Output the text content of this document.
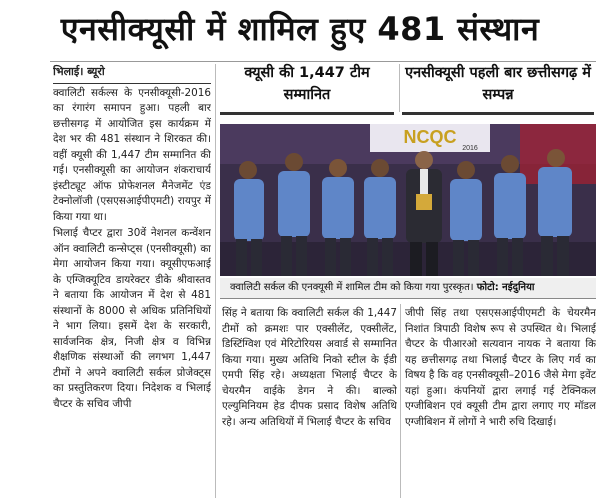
एनसीक्यूसी में शामिल हुए 481 संस्थान
भिलाई। ब्यूरो

क्वालिटी सर्कल्स के एनसीक्यूसी-2016 का रंगारंग समापन हुआ। पहली बार छत्तीसगढ़ में आयोजित इस कार्यक्रम में देश भर की 481 संस्थान ने शिरकत की। वहीं क्यूसी की 1,447 टीम सम्मानित की गई। एनसीक्यूसी का आयोजन शंकराचार्य इंस्टीट्यूट ऑफ प्रोफेशनल मैनेजमेंट एंड टेक्नोलॉजी (एसएसआईपीएमटी) रायपुर में किया गया था।

भिलाई चैप्टर द्वारा 30वें नेशनल कन्वेंशन ऑन क्वालिटी कन्सेप्ट्स (एनसीक्यूसी) का मेगा आयोजन किया गया। क्यूसीएफआई के एग्जिक्यूटिव डायरेक्टर डीके श्रीवास्तव ने बताया कि आयोजन में देश से 481 संस्थानों के 8000 से अधिक प्रतिनिधियों ने भाग लिया। इसमें देश के सरकारी, सार्वजनिक क्षेत्र, निजी क्षेत्र व विभिन्न शैक्षणिक संस्थाओं की लगभग 1,447 टीमों ने अपने क्वालिटी सर्कल प्रोजेक्ट्स का प्रस्तुतिकरण दिया। निदेशक व भिलाई चैप्टर के सचिव जीपी

क्यूसी की 1,447 टीम सम्मानित
एनसीक्यूसी पहली बार छत्तीसगढ़ में सम्पन्न
NCQC
2016
क्वालिटी सर्कल की एनक्यूसी में शामिल टीम को किया गया पुरस्कृत। फोटो: नईदुनिया

सिंह ने बताया कि क्वालिटी सर्कल की 1,447 टीमों को क्रमशः पार एक्सीलेंट, एक्सीलेंट, डिस्टिंग्विश एवं मेरिटोरियस अवार्ड से सम्मानित किया गया। मुख्य अतिथि निको स्टील के ईडी एमपी सिंह रहे। अध्यक्षता भिलाई चैप्टर के चेयरमैन वाईके डेगन ने की। बाल्को एल्युमिनियम हेड दीपक प्रसाद विशेष अतिथि रहे। अन्य अतिथियों में भिलाई चैप्टर के सचिव

जीपी सिंह तथा एसएसआईपीएमटी के चेयरमैन निशांत त्रिपाठी विशेष रूप से उपस्थित थे। भिलाई चैप्टर के पीआरओ सत्यवान नायक ने बताया कि यह छत्तीसगढ़ तथा भिलाई चैप्टर के लिए गर्व का विषय है कि वह एनसीक्यूसी–2016 जैसे मेगा इवेंट यहां हुआ। कंपनियों द्वारा लगाई गई टेक्निकल एग्जीबिशन एवं क्यूसी टीम द्वारा लगाए गए मॉडल एग्जीबिशन में लोगों ने भारी रुचि दिखाई।
